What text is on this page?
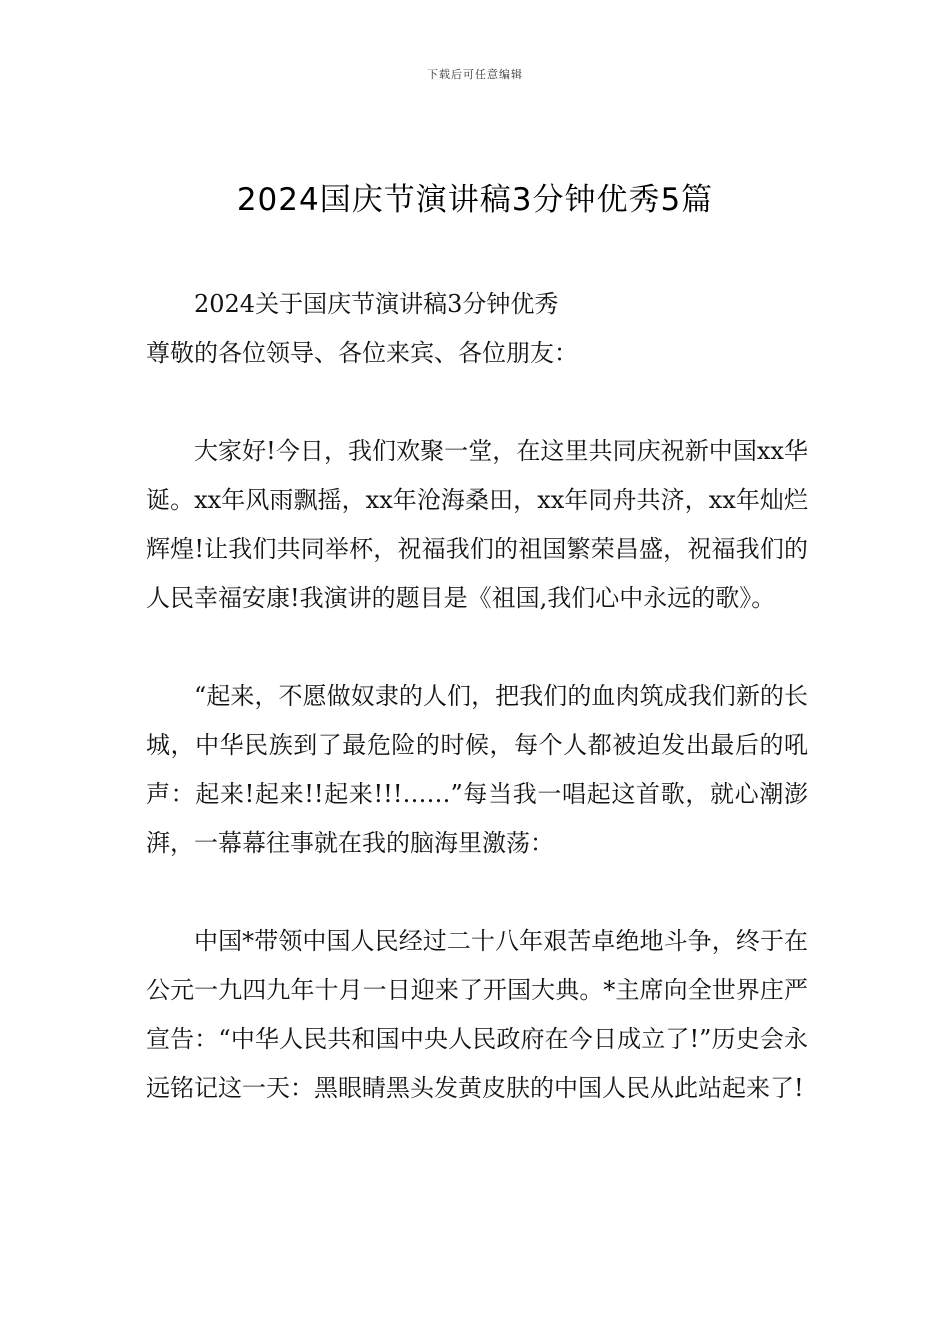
下载后可任意编辑
2024国庆节演讲稿3分钟优秀5篇

2024关于国庆节演讲稿3分钟优秀

尊敬的各位领导、各位来宾、各位朋友：

大家好!今日，我们欢聚一堂，在这里共同庆祝新中国xx华诞。xx年风雨飘摇，xx年沧海桑田，xx年同舟共济，xx年灿烂辉煌!让我们共同举杯，祝福我们的祖国繁荣昌盛，祝福我们的人民幸福安康!我演讲的题目是《祖国,我们心中永远的歌》。

“起来，不愿做奴隶的人们，把我们的血肉筑成我们新的长城，中华民族到了最危险的时候，每个人都被迫发出最后的吼声：起来!起来!!起来!!!……”每当我一唱起这首歌，就心潮澎湃，一幕幕往事就在我的脑海里激荡：

中国*带领中国人民经过二十八年艰苦卓绝地斗争，终于在公元一九四九年十月一日迎来了开国大典。*主席向全世界庄严宣告：“中华人民共和国中央人民政府在今日成立了!”历史会永远铭记这一天：黑眼睛黑头发黄皮肤的中国人民从此站起来了!
